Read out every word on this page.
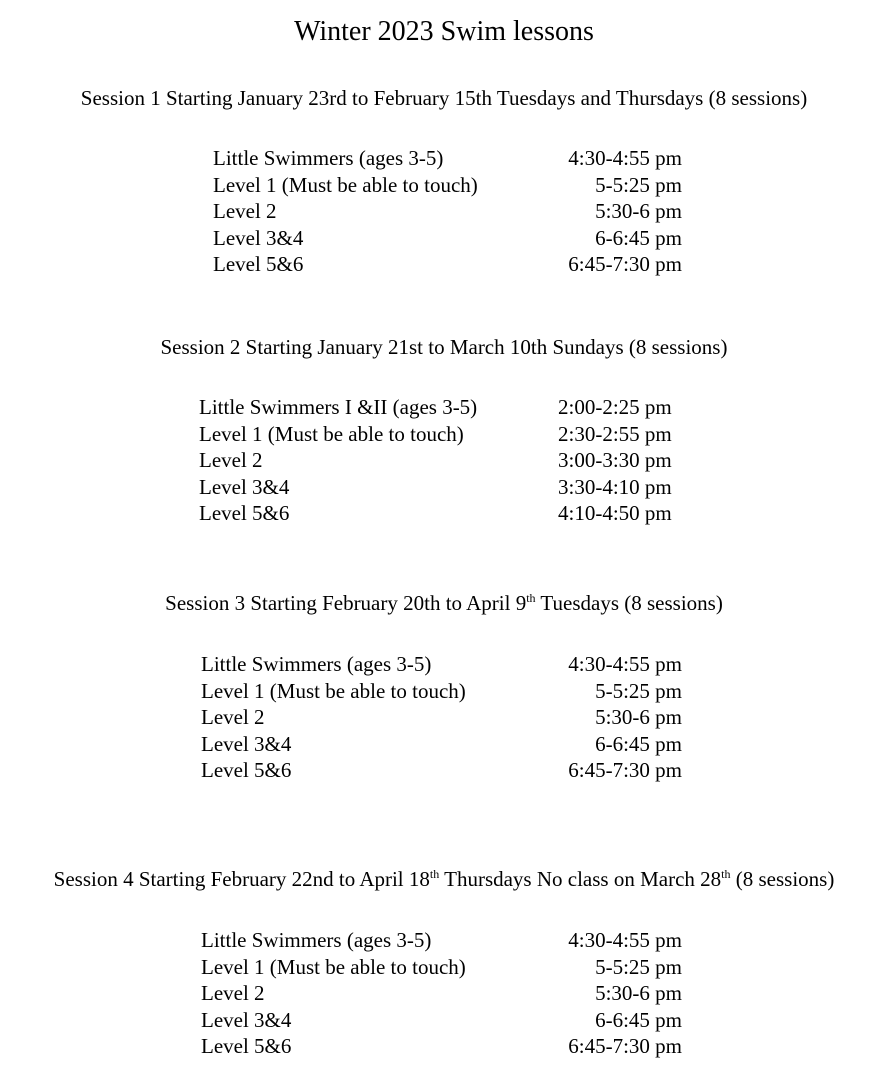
Winter 2023 Swim lessons
Session 1 Starting January 23rd to February 15th Tuesdays and Thursdays (8 sessions)
Little Swimmers (ages 3-5)	4:30-4:55 pm
Level 1 (Must be able to touch)	5-5:25 pm
Level 2	5:30-6 pm
Level 3&4	6-6:45 pm
Level 5&6	6:45-7:30 pm
Session 2 Starting January 21st to March 10th Sundays (8 sessions)
Little Swimmers I &II (ages 3-5)	2:00-2:25 pm
Level 1 (Must be able to touch)	2:30-2:55 pm
Level 2	3:00-3:30 pm
Level 3&4	3:30-4:10 pm
Level 5&6	4:10-4:50 pm
Session 3 Starting February 20th to April 9th Tuesdays (8 sessions)
Little Swimmers (ages 3-5)	4:30-4:55 pm
Level 1 (Must be able to touch)	5-5:25 pm
Level 2	5:30-6 pm
Level 3&4	6-6:45 pm
Level 5&6	6:45-7:30 pm
Session 4 Starting February 22nd to April 18th Thursdays No class on March 28th (8 sessions)
Little Swimmers (ages 3-5)	4:30-4:55 pm
Level 1 (Must be able to touch)	5-5:25 pm
Level 2	5:30-6 pm
Level 3&4	6-6:45 pm
Level 5&6	6:45-7:30 pm
